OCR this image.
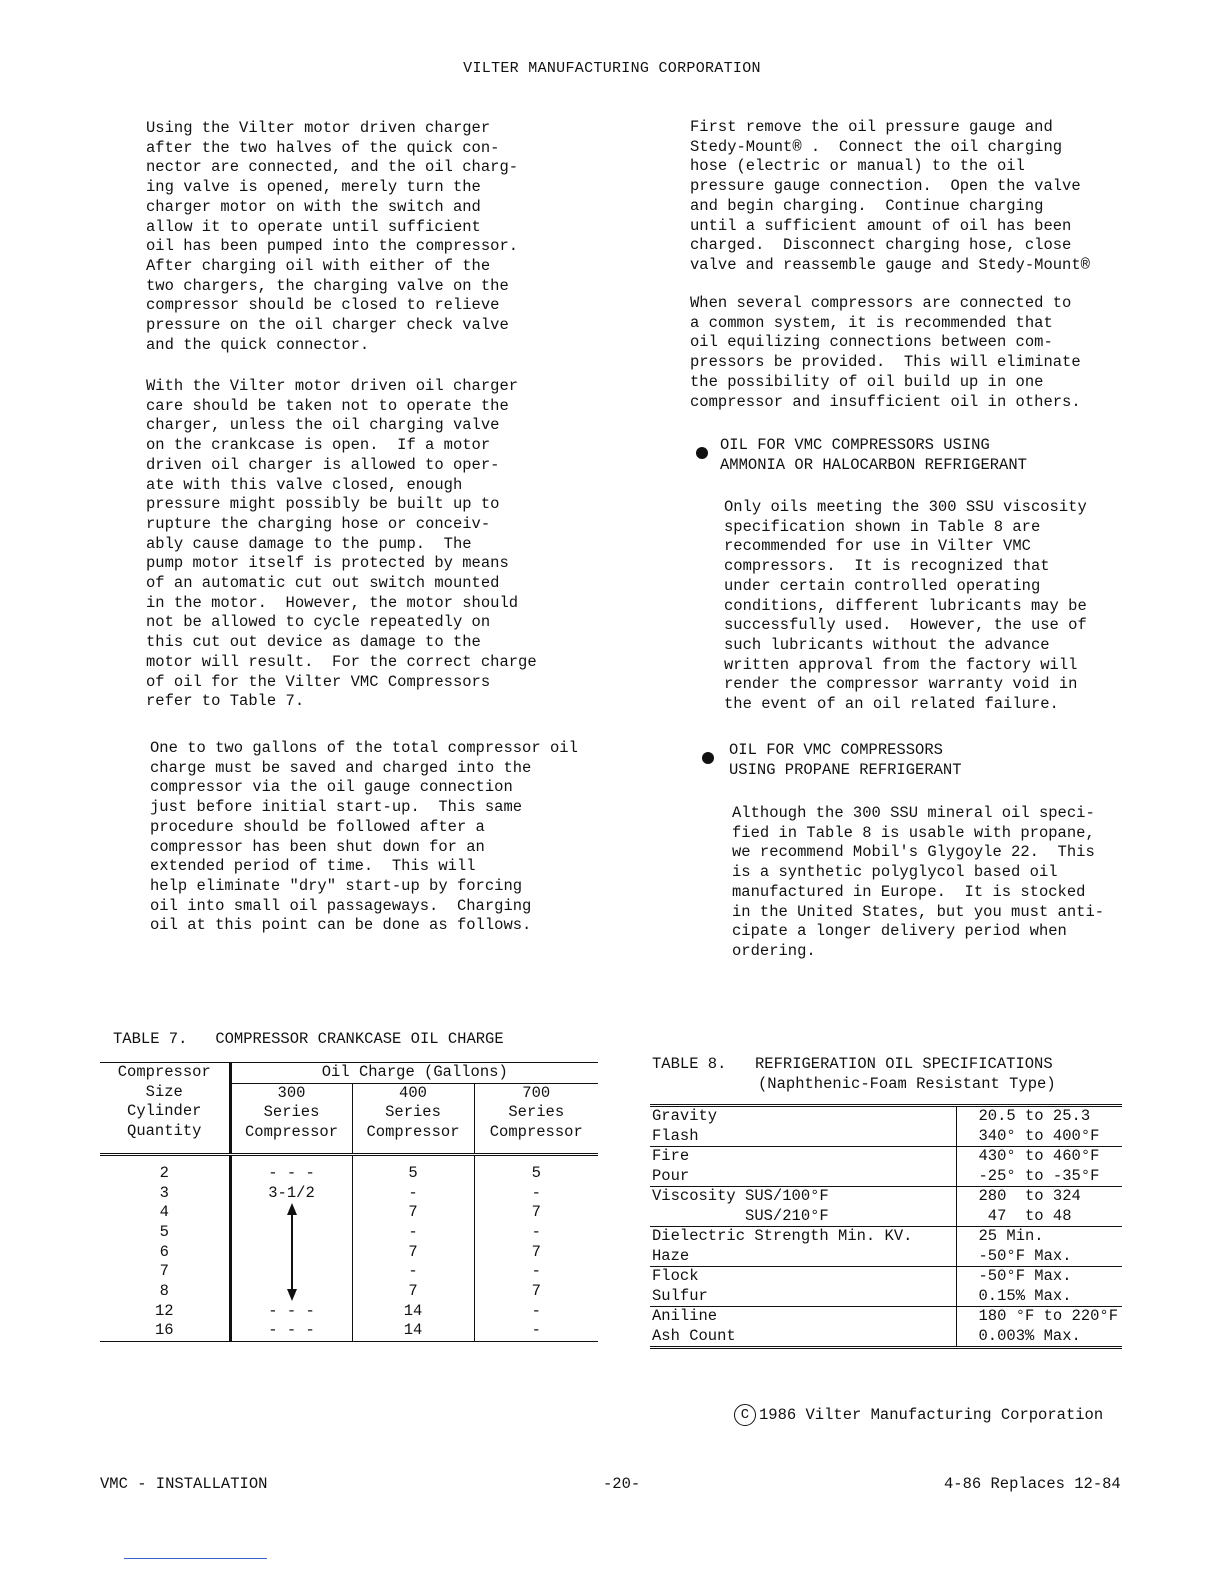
VILTER MANUFACTURING CORPORATION
Using the Vilter motor driven charger
after the two halves of the quick con-
nector are connected, and the oil charg-
ing valve is opened, merely turn the
charger motor on with the switch and
allow it to operate until sufficient
oil has been pumped into the compressor.
After charging oil with either of the
two chargers, the charging valve on the
compressor should be closed to relieve
pressure on the oil charger check valve
and the quick connector.
With the Vilter motor driven oil charger
care should be taken not to operate the
charger, unless the oil charging valve
on the crankcase is open.  If a motor
driven oil charger is allowed to oper-
ate with this valve closed, enough
pressure might possibly be built up to
rupture the charging hose or conceiv-
ably cause damage to the pump.  The
pump motor itself is protected by means
of an automatic cut out switch mounted
in the motor.  However, the motor should
not be allowed to cycle repeatedly on
this cut out device as damage to the
motor will result.  For the correct charge
of oil for the Vilter VMC Compressors
refer to Table 7.
One to two gallons of the total compressor oil
charge must be saved and charged into the
compressor via the oil gauge connection
just before initial start-up.  This same
procedure should be followed after a
compressor has been shut down for an
extended period of time.  This will
help eliminate "dry" start-up by forcing
oil into small oil passageways.  Charging
oil at this point can be done as follows.
First remove the oil pressure gauge and
Stedy-Mount® .  Connect the oil charging
hose (electric or manual) to the oil
pressure gauge connection.  Open the valve
and begin charging.  Continue charging
until a sufficient amount of oil has been
charged.  Disconnect charging hose, close
valve and reassemble gauge and Stedy-Mount®
When several compressors are connected to
a common system, it is recommended that
oil equilizing connections between com-
pressors be provided.  This will eliminate
the possibility of oil build up in one
compressor and insufficient oil in others.
OIL FOR VMC COMPRESSORS USING
AMMONIA OR HALOCARBON REFRIGERANT
Only oils meeting the 300 SSU viscosity
specification shown in Table 8 are
recommended for use in Vilter VMC
compressors.  It is recognized that
under certain controlled operating
conditions, different lubricants may be
successfully used.  However, the use of
such lubricants without the advance
written approval from the factory will
render the compressor warranty void in
the event of an oil related failure.
OIL FOR VMC COMPRESSORS
USING PROPANE REFRIGERANT
Although the 300 SSU mineral oil speci-
fied in Table 8 is usable with propane,
we recommend Mobil's Glygoyle 22.  This
is a synthetic polyglycol based oil
manufactured in Europe.  It is stocked
in the United States, but you must anti-
cipate a longer delivery period when
ordering.
TABLE 7.   COMPRESSOR CRANKCASE OIL CHARGE
Compressor
Size
Cylinder
Quantity	Oil Charge (Gallons)		
	300	400	700
	Series	Series	Series
	Compressor	Compressor	Compressor

2	- - -	5	5
3	3-1/2	-	-
4		7	7
5		-	-
6		7	7
7		-	-
8		7	7
12	- - -	14	-
16	- - -	14	-
TABLE 8. REFRIGERATION OIL SPECIFICATIONS
(Naphthenic-Foam Resistant Type)
Gravity	20.5 to 25.3
Flash	340° to 400°F
Fire	430° to 460°F
Pour	-25° to -35°F
Viscosity SUS/100°F	280  to 324
SUS/210°F	47  to 48
Dielectric Strength Min. KV.	25 Min.
Haze	-50°F Max.
Flock	-50°F Max.
Sulfur	0.15% Max.
Aniline	180 °F to 220°F
Ash Count	0.003% Max.
C 1986 Vilter Manufacturing Corporation
VMC - INSTALLATION	-20-	4-86 Replaces 12-84
